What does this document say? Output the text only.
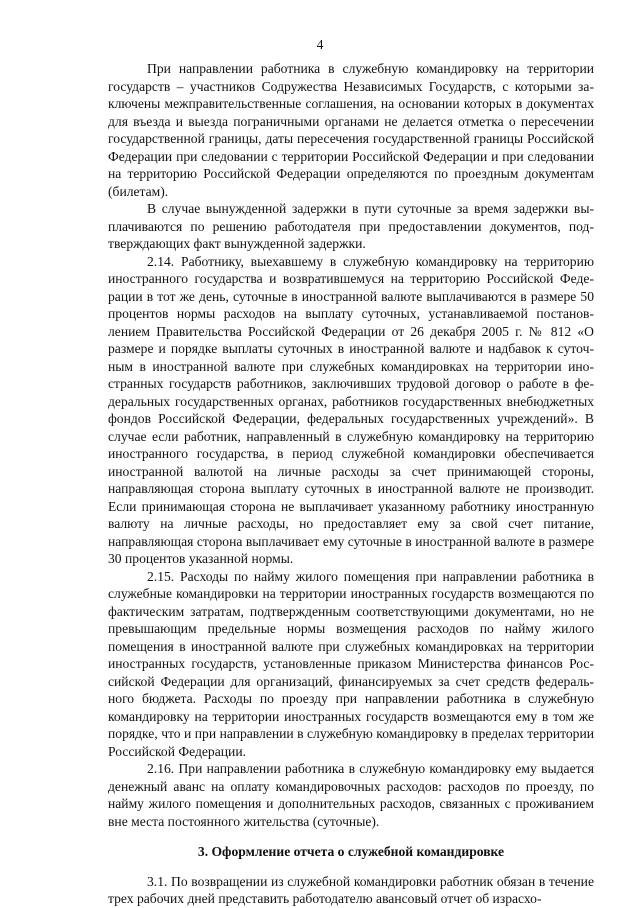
4

При направлении работника в служебную командировку на территории государств – участников Содружества Независимых Государств, с которыми заключены межправительственные соглашения, на основании которых в документах для въезда и выезда пограничными органами не делается отметка о пересечении государственной границы, даты пересечения государственной границы Российской Федерации при следовании с территории Российской Федерации и при следовании на территорию Российской Федерации определяются по проездным документам (билетам).

В случае вынужденной задержки в пути суточные за время задержки выплачиваются по решению работодателя при предоставлении документов, подтверждающих факт вынужденной задержки.

2.14. Работнику, выехавшему в служебную командировку на территорию иностранного государства и возвратившемуся на территорию Российской Федерации в тот же день, суточные в иностранной валюте выплачиваются в размере 50 процентов нормы расходов на выплату суточных, устанавливаемой постановлением Правительства Российской Федерации от 26 декабря 2005 г. № 812 «О размере и порядке выплаты суточных в иностранной валюте и надбавок к суточным в иностранной валюте при служебных командировках на территории иностранных государств работников, заключивших трудовой договор о работе в федеральных государственных органах, работников государственных внебюджетных фондов Российской Федерации, федеральных государственных учреждений». В случае если работник, направленный в служебную командировку на территорию иностранного государства, в период служебной командировки обеспечивается иностранной валютой на личные расходы за счет принимающей стороны, направляющая сторона выплату суточных в иностранной валюте не производит. Если принимающая сторона не выплачивает указанному работнику иностранную валюту на личные расходы, но предоставляет ему за свой счет питание, направляющая сторона выплачивает ему суточные в иностранной валюте в размере 30 процентов указанной нормы.

2.15. Расходы по найму жилого помещения при направлении работника в служебные командировки на территории иностранных государств возмещаются по фактическим затратам, подтвержденным соответствующими документами, но не превышающим предельные нормы возмещения расходов по найму жилого помещения в иностранной валюте при служебных командировках на территории иностранных государств, установленные приказом Министерства финансов Российской Федерации для организаций, финансируемых за счет средств федерального бюджета. Расходы по проезду при направлении работника в служебную командировку на территории иностранных государств возмещаются ему в том же порядке, что и при направлении в служебную командировку в пределах территории Российской Федерации.

2.16. При направлении работника в служебную командировку ему выдается денежный аванс на оплату командировочных расходов: расходов по проезду, по найму жилого помещения и дополнительных расходов, связанных с проживанием вне места постоянного жительства (суточные).

3. Оформление отчета о служебной командировке

3.1. По возвращении из служебной командировки работник обязан в течение трех рабочих дней представить работодателю авансовый отчет об израсхо-
